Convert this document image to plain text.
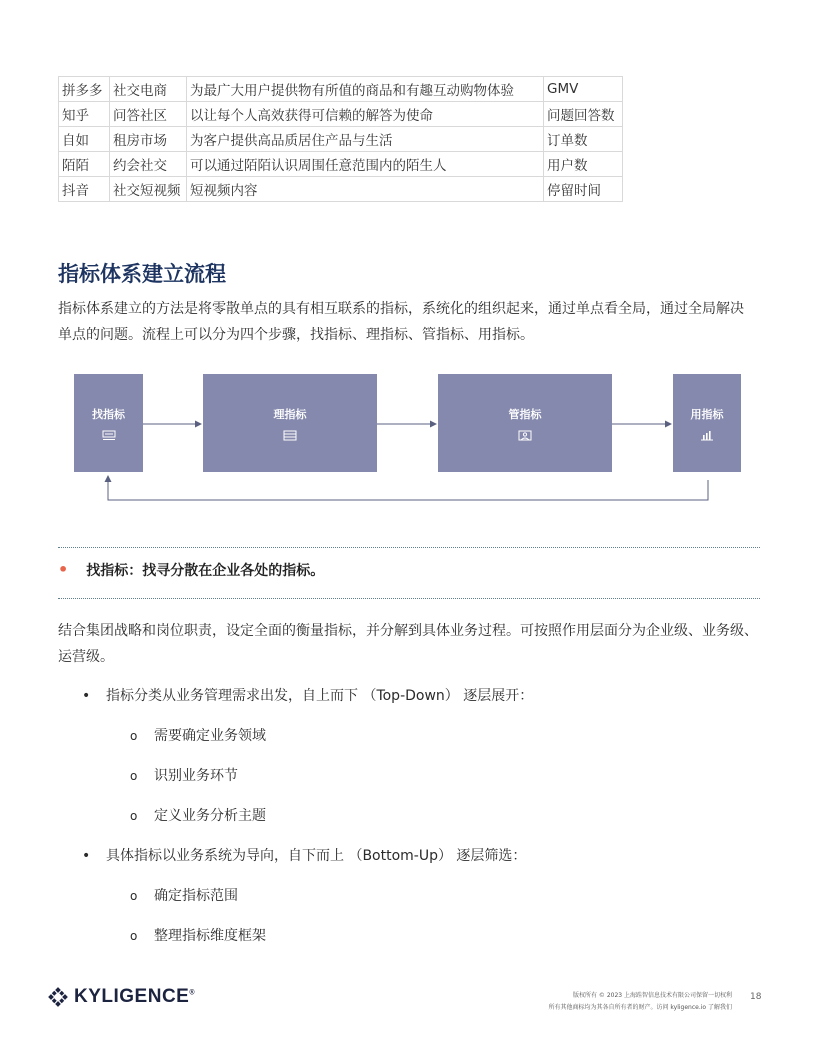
拼多多	社交电商	为最广大用户提供物有所值的商品和有趣互动购物体验	GMV
知乎	问答社区	以让每个人高效获得可信赖的解答为使命	问题回答数
自如	租房市场	为客户提供高品质居住产品与生活	订单数
陌陌	约会社交	可以通过陌陌认识周围任意范围内的陌生人	用户数
抖音	社交短视频	短视频内容	停留时间
指标体系建立流程

指标体系建立的方法是将零散单点的具有相互联系的指标，系统化的组织起来，通过单点看全局，通过全局解决
单点的问题。流程上可以分为四个步骤，找指标、理指标、管指标、用指标。

找指标	理指标	管指标	用指标
• 找指标：找寻分散在企业各处的指标。

结合集团战略和岗位职责，设定全面的衡量指标，并分解到具体业务过程。可按照作用层面分为企业级、业务级、
运营级。

• 指标分类从业务管理需求出发，自上而下 （Top-Down） 逐层展开：
o 需要确定业务领域
o 识别业务环节
o 定义业务分析主题
• 具体指标以业务系统为导向，自下而上 （Bottom-Up） 逐层筛选：
o 确定指标范围
o 整理指标维度框架
KYLIGENCE®	版权所有 © 2023 上海跬智信息技术有限公司保留一切权利
所有其他商标均为其各自所有者的财产。访问 kyligence.io 了解我们
18
